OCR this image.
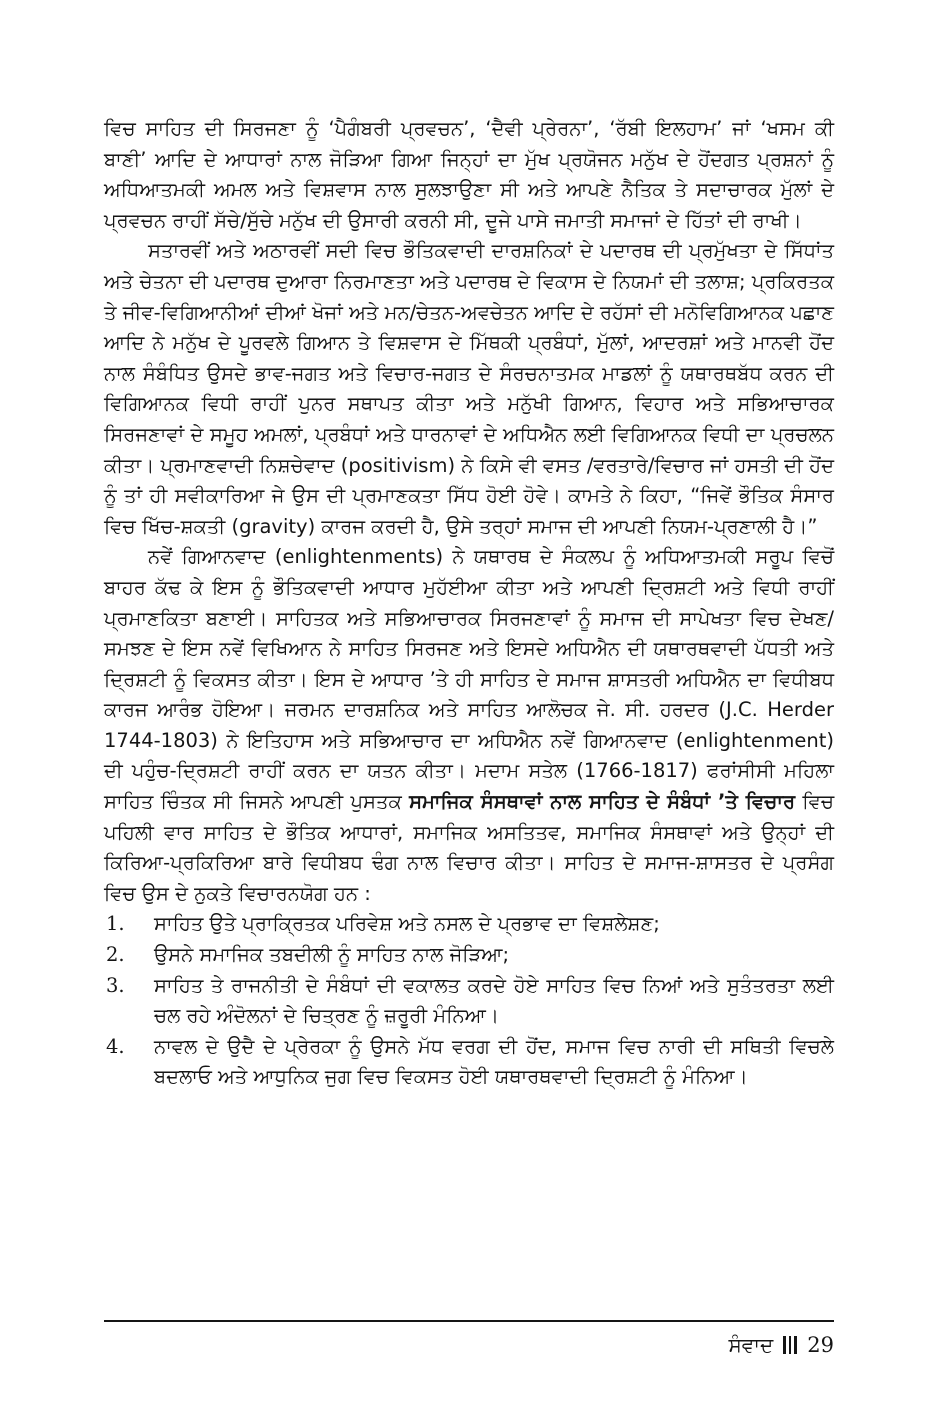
ਵਿਚ ਸਾਹਿਤ ਦੀ ਸਿਰਜਣਾ ਨੂੰ ‘ਪੈਗੰਬਰੀ ਪ੍ਰਵਚਨ’, ‘ਦੈਵੀ ਪ੍ਰੇਰਨਾ’, ‘ਰੱਬੀ ਇਲਹਾਮ’ ਜਾਂ ‘ਖਸਮ ਕੀ ਬਾਣੀ’ ਆਦਿ ਦੇ ਆਧਾਰਾਂ ਨਾਲ ਜੋੜਿਆ ਗਿਆ ਜਿਨ੍ਹਾਂ ਦਾ ਮੁੱਖ ਪ੍ਰਯੋਜਨ ਮਨੁੱਖ ਦੇ ਹੋਂਦਗਤ ਪ੍ਰਸ਼ਨਾਂ ਨੂੰ ਅਧਿਆਤਮਕੀ ਅਮਲ ਅਤੇ ਵਿਸ਼ਵਾਸ ਨਾਲ ਸੁਲਝਾਉਣਾ ਸੀ ਅਤੇ ਆਪਣੇ ਨੈਤਿਕ ਤੇ ਸਦਾਚਾਰਕ ਮੁੱਲਾਂ ਦੇ ਪ੍ਰਵਚਨ ਰਾਹੀਂ ਸੱਚੇ/ਸੁੱਚੇ ਮਨੁੱਖ ਦੀ ਉਸਾਰੀ ਕਰਨੀ ਸੀ, ਦੂਜੇ ਪਾਸੇ ਜਮਾਤੀ ਸਮਾਜਾਂ ਦੇ ਹਿੱਤਾਂ ਦੀ ਰਾਖੀ।

ਸਤਾਰਵੀਂ ਅਤੇ ਅਠਾਰਵੀਂ ਸਦੀ ਵਿਚ ਭੌਤਿਕਵਾਦੀ ਦਾਰਸ਼ਨਿਕਾਂ ਦੇ ਪਦਾਰਥ ਦੀ ਪ੍ਰਮੁੱਖਤਾ ਦੇ ਸਿੱਧਾਂਤ ਅਤੇ ਚੇਤਨਾ ਦੀ ਪਦਾਰਥ ਦੁਆਰਾ ਨਿਰਮਾਣਤਾ ਅਤੇ ਪਦਾਰਥ ਦੇ ਵਿਕਾਸ ਦੇ ਨਿਯਮਾਂ ਦੀ ਤਲਾਸ਼; ਪ੍ਰਕਿਰਤਕ ਤੇ ਜੀਵ-ਵਿਗਿਆਨੀਆਂ ਦੀਆਂ ਖੋਜਾਂ ਅਤੇ ਮਨ/ਚੇਤਨ-ਅਵਚੇਤਨ ਆਦਿ ਦੇ ਰਹੱਸਾਂ ਦੀ ਮਨੋਵਿਗਿਆਨਕ ਪਛਾਣ ਆਦਿ ਨੇ ਮਨੁੱਖ ਦੇ ਪੂਰਵਲੇ ਗਿਆਨ ਤੇ ਵਿਸ਼ਵਾਸ ਦੇ ਮਿੱਥਕੀ ਪ੍ਰਬੰਧਾਂ, ਮੁੱਲਾਂ, ਆਦਰਸ਼ਾਂ ਅਤੇ ਮਾਨਵੀ ਹੋਂਦ ਨਾਲ ਸੰਬੰਧਿਤ ਉਸਦੇ ਭਾਵ-ਜਗਤ ਅਤੇ ਵਿਚਾਰ-ਜਗਤ ਦੇ ਸੰਰਚਨਾਤਮਕ ਮਾਡਲਾਂ ਨੂੰ ਯਥਾਰਥਬੱਧ ਕਰਨ ਦੀ ਵਿਗਿਆਨਕ ਵਿਧੀ ਰਾਹੀਂ ਪੁਨਰ ਸਥਾਪਤ ਕੀਤਾ ਅਤੇ ਮਨੁੱਖੀ ਗਿਆਨ, ਵਿਹਾਰ ਅਤੇ ਸਭਿਆਚਾਰਕ ਸਿਰਜਣਾਵਾਂ ਦੇ ਸਮੂਹ ਅਮਲਾਂ, ਪ੍ਰਬੰਧਾਂ ਅਤੇ ਧਾਰਨਾਵਾਂ ਦੇ ਅਧਿਐਨ ਲਈ ਵਿਗਿਆਨਕ ਵਿਧੀ ਦਾ ਪ੍ਰਚਲਨ ਕੀਤਾ। ਪ੍ਰਮਾਣਵਾਦੀ ਨਿਸ਼ਚੇਵਾਦ (positivism) ਨੇ ਕਿਸੇ ਵੀ ਵਸਤ /ਵਰਤਾਰੇ/ਵਿਚਾਰ ਜਾਂ ਹਸਤੀ ਦੀ ਹੋਂਦ ਨੂੰ ਤਾਂ ਹੀ ਸਵੀਕਾਰਿਆ ਜੇ ਉਸ ਦੀ ਪ੍ਰਮਾਣਕਤਾ ਸਿੱਧ ਹੋਈ ਹੋਵੇ। ਕਾਮਤੇ ਨੇ ਕਿਹਾ, “ਜਿਵੇਂ ਭੌਤਿਕ ਸੰਸਾਰ ਵਿਚ ਖਿੱਚ-ਸ਼ਕਤੀ (gravity) ਕਾਰਜ ਕਰਦੀ ਹੈ, ਉਸੇ ਤਰ੍ਹਾਂ ਸਮਾਜ ਦੀ ਆਪਣੀ ਨਿਯਮ-ਪ੍ਰਣਾਲੀ ਹੈ।”

ਨਵੇਂ ਗਿਆਨਵਾਦ (enlightenments) ਨੇ ਯਥਾਰਥ ਦੇ ਸੰਕਲਪ ਨੂੰ ਅਧਿਆਤਮਕੀ ਸਰੂਪ ਵਿਚੋਂ ਬਾਹਰ ਕੱਢ ਕੇ ਇਸ ਨੂੰ ਭੌਤਿਕਵਾਦੀ ਆਧਾਰ ਮੁਹੱਈਆ ਕੀਤਾ ਅਤੇ ਆਪਣੀ ਦ੍ਰਿਸ਼ਟੀ ਅਤੇ ਵਿਧੀ ਰਾਹੀਂ ਪ੍ਰਮਾਣਕਿਤਾ ਬਣਾਈ। ਸਾਹਿਤਕ ਅਤੇ ਸਭਿਆਚਾਰਕ ਸਿਰਜਣਾਵਾਂ ਨੂੰ ਸਮਾਜ ਦੀ ਸਾਪੇਖਤਾ ਵਿਚ ਦੇਖਣ/ਸਮਝਣ ਦੇ ਇਸ ਨਵੇਂ ਵਿਖਿਆਨ ਨੇ ਸਾਹਿਤ ਸਿਰਜਣ ਅਤੇ ਇਸਦੇ ਅਧਿਐਨ ਦੀ ਯਥਾਰਥਵਾਦੀ ਪੱਧਤੀ ਅਤੇ ਦ੍ਰਿਸ਼ਟੀ ਨੂੰ ਵਿਕਸਤ ਕੀਤਾ। ਇਸ ਦੇ ਆਧਾਰ ’ਤੇ ਹੀ ਸਾਹਿਤ ਦੇ ਸਮਾਜ ਸ਼ਾਸਤਰੀ ਅਧਿਐਨ ਦਾ ਵਿਧੀਬਧ ਕਾਰਜ ਆਰੰਭ ਹੋਇਆ। ਜਰਮਨ ਦਾਰਸ਼ਨਿਕ ਅਤੇ ਸਾਹਿਤ ਆਲੋਚਕ ਜੇ. ਸੀ. ਹਰਦਰ (J.C. Herder 1744-1803) ਨੇ ਇਤਿਹਾਸ ਅਤੇ ਸਭਿਆਚਾਰ ਦਾ ਅਧਿਐਨ ਨਵੇਂ ਗਿਆਨਵਾਦ (enlightenment) ਦੀ ਪਹੁੰਚ-ਦ੍ਰਿਸ਼ਟੀ ਰਾਹੀਂ ਕਰਨ ਦਾ ਯਤਨ ਕੀਤਾ। ਮਦਾਮ ਸਤੇਲ (1766-1817) ਫਰਾਂਸੀਸੀ ਮਹਿਲਾ ਸਾਹਿਤ ਚਿੰਤਕ ਸੀ ਜਿਸਨੇ ਆਪਣੀ ਪੁਸਤਕ ਸਮਾਜਿਕ ਸੰਸਥਾਵਾਂ ਨਾਲ ਸਾਹਿਤ ਦੇ ਸੰਬੰਧਾਂ ’ਤੇ ਵਿਚਾਰ ਵਿਚ ਪਹਿਲੀ ਵਾਰ ਸਾਹਿਤ ਦੇ ਭੌਤਿਕ ਆਧਾਰਾਂ, ਸਮਾਜਿਕ ਅਸਤਿਤਵ, ਸਮਾਜਿਕ ਸੰਸਥਾਵਾਂ ਅਤੇ ਉਨ੍ਹਾਂ ਦੀ ਕਿਰਿਆ-ਪ੍ਰਕਿਰਿਆ ਬਾਰੇ ਵਿਧੀਬਧ ਢੰਗ ਨਾਲ ਵਿਚਾਰ ਕੀਤਾ। ਸਾਹਿਤ ਦੇ ਸਮਾਜ-ਸ਼ਾਸਤਰ ਦੇ ਪ੍ਰਸੰਗ ਵਿਚ ਉਸ ਦੇ ਨੁਕਤੇ ਵਿਚਾਰਨਯੋਗ ਹਨ :

1. ਸਾਹਿਤ ਉਤੇ ਪ੍ਰਾਕ੍ਰਿਤਕ ਪਰਿਵੇਸ਼ ਅਤੇ ਨਸਲ ਦੇ ਪ੍ਰਭਾਵ ਦਾ ਵਿਸ਼ਲੇਸ਼ਣ;
2. ਉਸਨੇ ਸਮਾਜਿਕ ਤਬਦੀਲੀ ਨੂੰ ਸਾਹਿਤ ਨਾਲ ਜੋੜਿਆ;
3. ਸਾਹਿਤ ਤੇ ਰਾਜਨੀਤੀ ਦੇ ਸੰਬੰਧਾਂ ਦੀ ਵਕਾਲਤ ਕਰਦੇ ਹੋਏ ਸਾਹਿਤ ਵਿਚ ਨਿਆਂ ਅਤੇ ਸੁਤੰਤਰਤਾ ਲਈ ਚਲ ਰਹੇ ਅੰਦੋਲਨਾਂ ਦੇ ਚਿਤ੍ਰਣ ਨੂੰ ਜ਼ਰੂਰੀ ਮੰਨਿਆ।
4. ਨਾਵਲ ਦੇ ਉਦੈ ਦੇ ਪ੍ਰੇਰਕਾ ਨੂੰ ਉਸਨੇ ਮੱਧ ਵਰਗ ਦੀ ਹੋਂਦ, ਸਮਾਜ ਵਿਚ ਨਾਰੀ ਦੀ ਸਥਿਤੀ ਵਿਚਲੇ ਬਦਲਾਓ ਅਤੇ ਆਧੁਨਿਕ ਜੁਗ ਵਿਚ ਵਿਕਸਤ ਹੋਈ ਯਥਾਰਥਵਾਦੀ ਦ੍ਰਿਸ਼ਟੀ ਨੂੰ ਮੰਨਿਆ।
ਸੰਵਾਦ 29
